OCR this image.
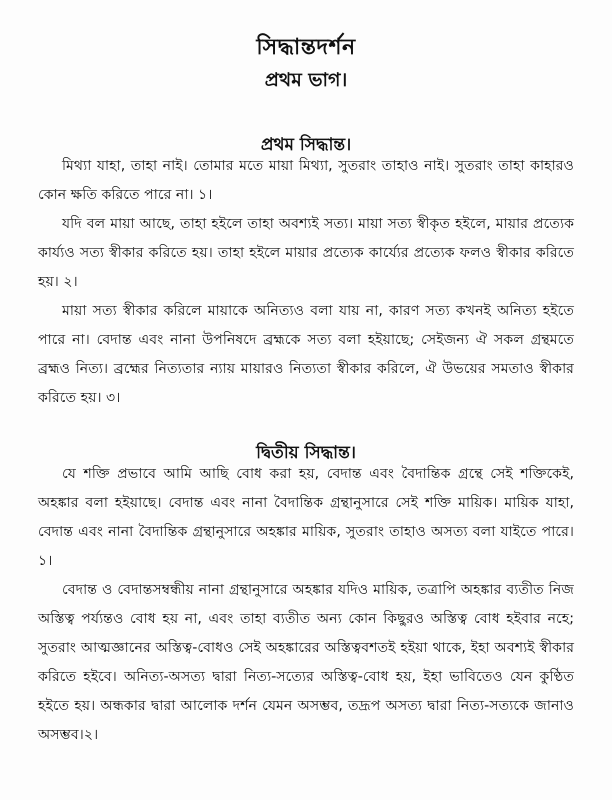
সিদ্ধান্তদর্শন
প্রথম ভাগ।
প্রথম সিদ্ধান্ত।
মিথ্যা যাহা, তাহা নাই। তোমার মতে মায়া মিথ্যা, সুতরাং তাহাও নাই। সুতরাং তাহা কাহারও কোন ক্ষতি করিতে পারে না। ১।
যদি বল মায়া আছে, তাহা হইলে তাহা অবশ্যই সত্য। মায়া সত্য স্বীকৃত হইলে, মায়ার প্রত্যেক কার্য্যও সত্য স্বীকার করিতে হয়। তাহা হইলে মায়ার প্রত্যেক কার্য্যের প্রত্যেক ফলও স্বীকার করিতে হয়। ২।
মায়া সত্য স্বীকার করিলে মায়াকে অনিত্যও বলা যায় না, কারণ সত্য কখনই অনিত্য হইতে পারে না। বেদান্ত এবং নানা উপনিষদে ব্রহ্মকে সত্য বলা হইয়াছে; সেইজন্য ঐ সকল গ্রন্থমতে ব্রহ্মও নিত্য। ব্রহ্মের নিত্যতার ন্যায় মায়ারও নিত্যতা স্বীকার করিলে, ঐ উভয়ের সমতাও স্বীকার করিতে হয়। ৩।
দ্বিতীয় সিদ্ধান্ত।
যে শক্তি প্রভাবে আমি আছি বোধ করা হয়, বেদান্ত এবং বৈদান্তিক গ্রন্থে সেই শক্তিকেই, অহঙ্কার বলা হইয়াছে। বেদান্ত এবং নানা বৈদান্তিক গ্রন্থানুসারে সেই শক্তি মায়িক। মায়িক যাহা, বেদান্ত এবং নানা বৈদান্তিক গ্রন্থানুসারে অহঙ্কার মায়িক, সুতরাং তাহাও অসত্য বলা যাইতে পারে।১।
বেদান্ত ও বেদান্তসম্বন্ধীয় নানা গ্রন্থানুসারে অহঙ্কার যদিও মায়িক, তত্রাপি অহঙ্কার ব্যতীত নিজ অস্তিত্ব পর্য্যন্তও বোধ হয় না, এবং তাহা ব্যতীত অন্য কোন কিছুরও অস্তিত্ব বোধ হইবার নহে; সুতরাং আত্মজ্ঞানের অস্তিত্ব-বোধও সেই অহঙ্কারের অস্তিত্ববশতই হইয়া থাকে, ইহা অবশ্যই স্বীকার করিতে হইবে। অনিত্য-অসত্য দ্বারা নিত্য-সত্যের অস্তিত্ব-বোধ হয়, ইহা ভাবিতেও যেন কুণ্ঠিত হইতে হয়। অন্ধকার দ্বারা আলোক দর্শন যেমন অসম্ভব, তদ্রূপ অসত্য দ্বারা নিত্য-সত্যকে জানাও অসম্ভব।২।
